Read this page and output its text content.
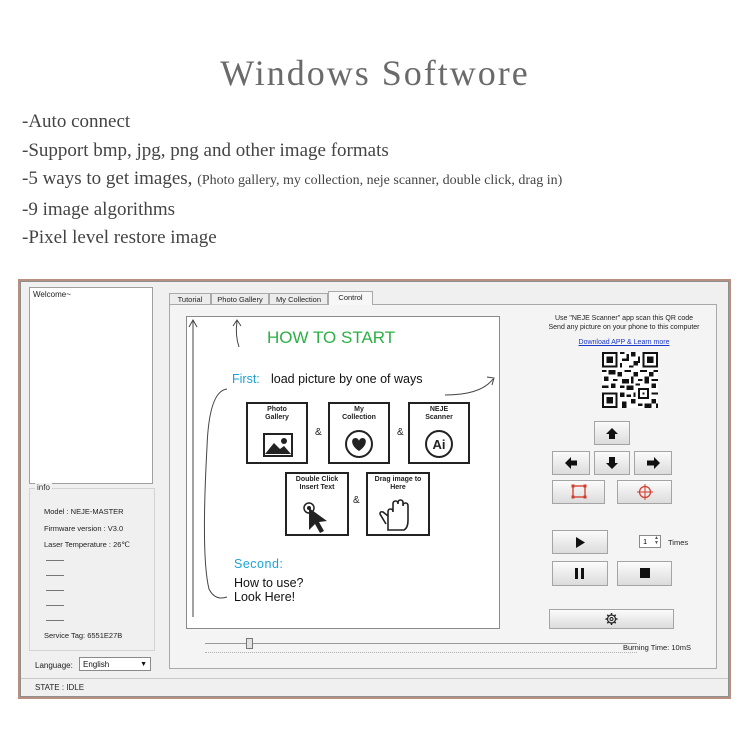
Windows Softwore
-Auto connect
-Support bmp, jpg, png and other image formats
-5 ways to get images, (Photo gallery, my collection, neje scanner, double click, drag in)
-9 image algorithms
-Pixel level restore image
Welcome~
info
Model : NEJE-MASTER
Firmware version : V3.0
Laser Temperature : 26℃
Service Tag: 6551E27B
Language:	English	▼
STATE : IDLE
Tutorial	Photo Gallery	My Collection	Control
HOW TO START
First: load picture by one of ways
Photo Gallery
&
My Collection
&
NEJE Scanner
Ai
Double Click Insert Text
&
Drag image to Here
Second:
How to use?
Look Here!
Burning Time: 10mS
Use "NEJE Scanner" app scan this QR code
Send any picture on your phone to this computer
Download APP & Learn more
1 ▲
▼ Times
